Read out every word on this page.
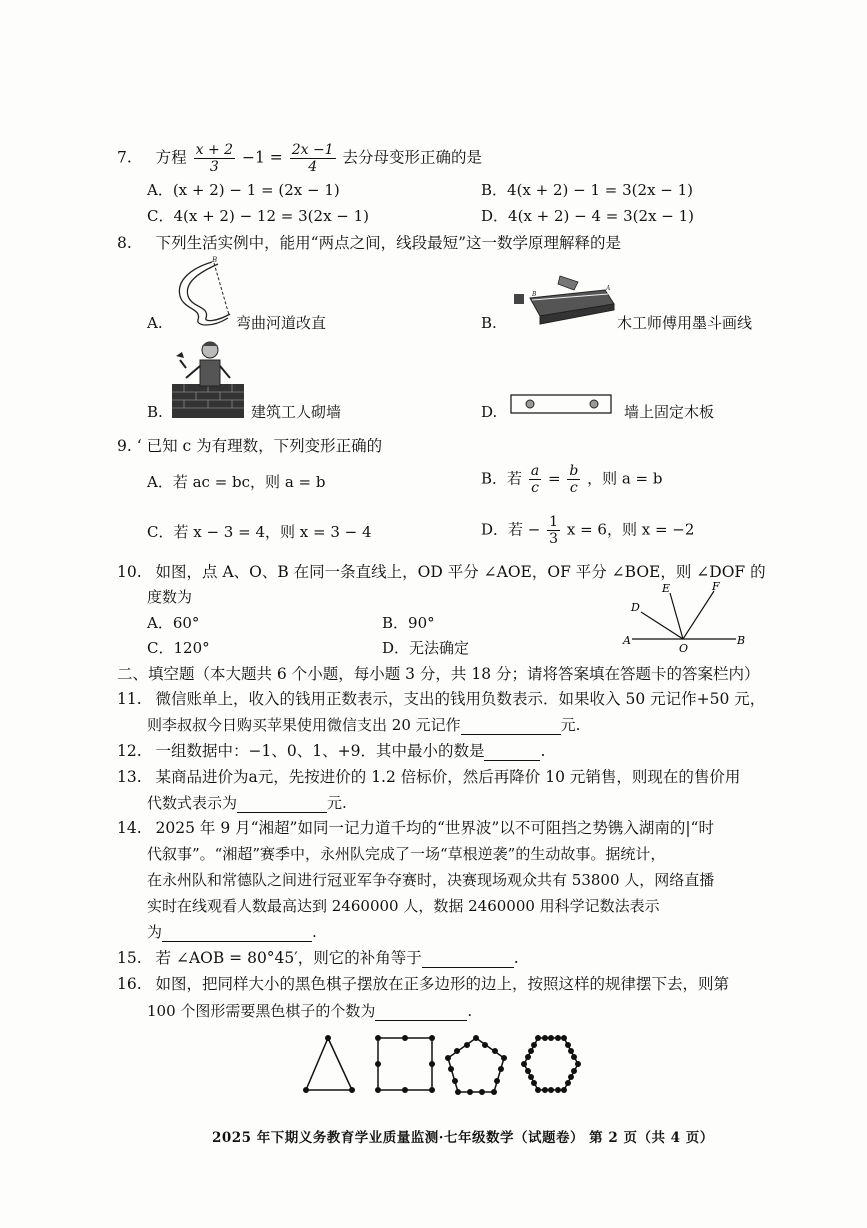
7. 方程 $\frac{x + 2}{3} -1 = \frac{2x -1}{4}$ 去分母变形正确的是
A．(x + 2) − 1 = (2x − 1)	B．4(x + 2) − 1 = 3(2x − 1)
C．4(x + 2) − 12 = 3(2x − 1)	D．4(x + 2) − 4 = 3(2x − 1)
8. 下列生活实例中，能用“两点之间，线段最短”这一数学原理解释的是
B
A.	弯曲河道改直
B
A
B.	木工师傅用墨斗画线
B.	建筑工人砌墙	D.	墙上固定木板
9. ‘ 已知 c 为有理数，下列变形正确的
A．若 ac = bc，则 a = b	B．若 $\frac{a}{c} = \frac{b}{c}$ ，则 a = b
C．若 x − 3 = 4，则 x = 3 − 4	D．若 − $\frac{1}{3}$ x = 6，则 x = −2
10. 如图，点 A、O、B 在同一条直线上，OD 平分 ∠AOE，OF 平分 ∠BOE，则 ∠DOF 的
度数为
A．60°	B．90°
C．120°	D．无法确定	A
O
B
D
E	F
二、填空题（本大题共 6 个小题，每小题 3 分，共 18 分；请将答案填在答题卡的答案栏内）
11. 微信账单上，收入的钱用正数表示，支出的钱用负数表示．如果收入 50 元记作+50 元，
则李叔叔今日购买苹果使用微信支出 20 元记作	元.
12. 一组数据中：−1、0、1、+9．其中最小的数是	.
13. 某商品进价为a元，先按进价的 1.2 倍标价，然后再降价 10 元销售，则现在的售价用
代数式表示为	元.
14. 2025 年 9 月“湘超”如同一记力道千均的“世界波”以不可阻挡之势镌入湖南的|“时
代叙事”。“湘超”赛季中，永州队完成了一场“草根逆袭”的生动故事。据统计，
在永州队和常德队之间进行冠亚军争夺赛时，决赛现场观众共有 53800 人，网络直播
实时在线观看人数最高达到 2460000 人，数据 2460000 用科学记数法表示
为	.
15. 若 ∠AOB = 80°45′，则它的补角等于	.
16. 如图，把同样大小的黑色棋子摆放在正多边形的边上，按照这样的规律摆下去，则第
100 个图形需要黑色棋子的个数为	.
2025 年下期义务教育学业质量监测·七年级数学（试题卷） 第 2 页（共 4 页）
